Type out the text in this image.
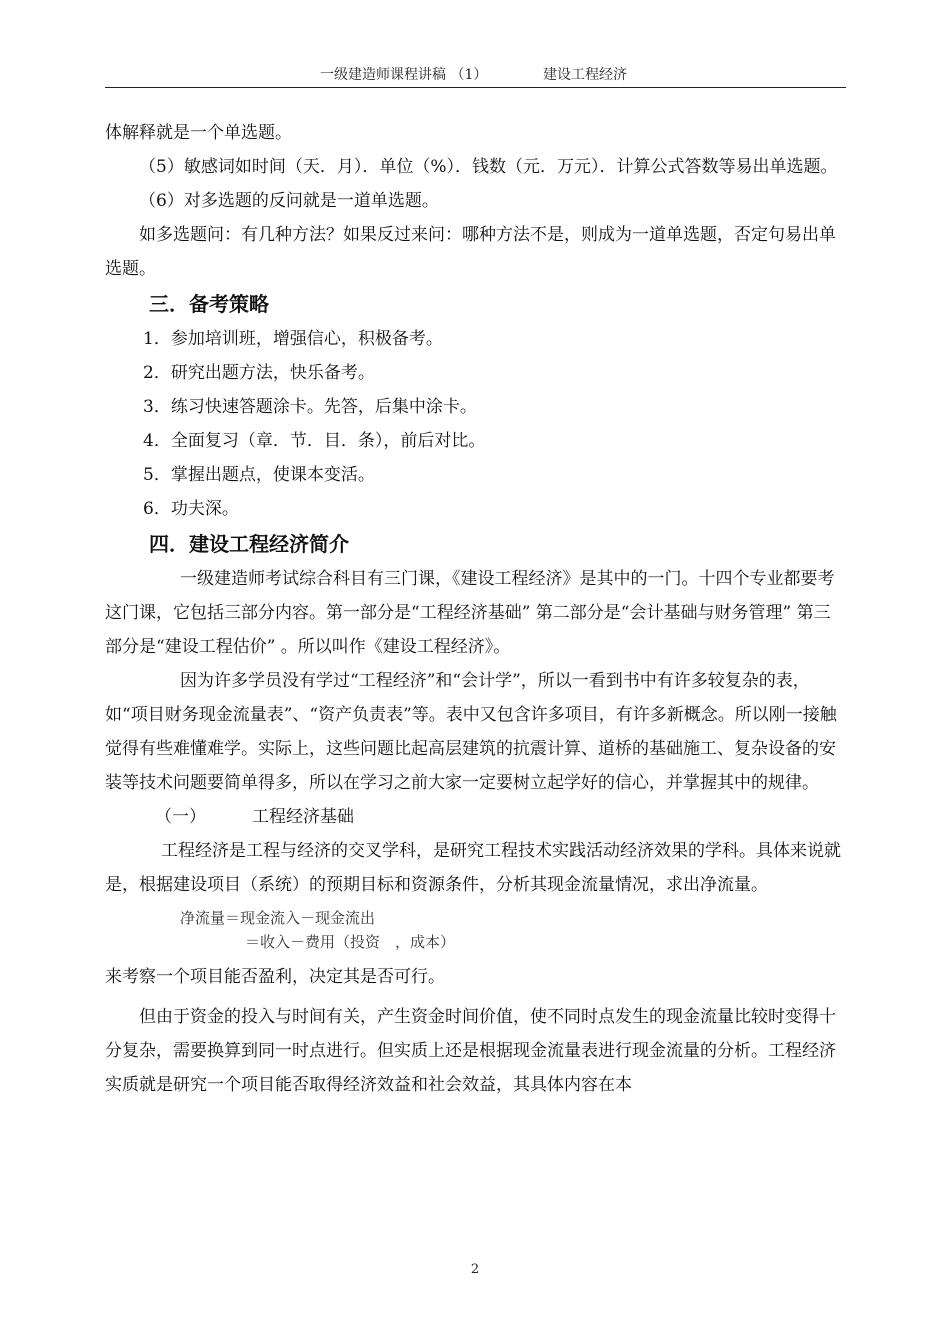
一级建造师课程讲稿 （1）	建设工程经济

体解释就是一个单选题。

（5）敏感词如时间（天．月）．单位（%）．钱数（元．万元）．计算公式答数等易出单选题。

（6）对多选题的反问就是一道单选题。

如多选题问：有几种方法？如果反过来问：哪种方法不是，则成为一道单选题，否定句易出单选题。

三．备考策略

1．参加培训班，增强信心，积极备考。

2．研究出题方法，快乐备考。

3．练习快速答题涂卡。先答，后集中涂卡。

4．全面复习（章．节．目．条），前后对比。

5．掌握出题点，使课本变活。

6．功夫深。

四．建设工程经济简介

一级建造师考试综合科目有三门课，《建设工程经济》是其中的一门。十四个专业都要考这门课，它包括三部分内容。第一部分是“工程经济基础” 第二部分是“会计基础与财务管理” 第三部分是“建设工程估价” 。所以叫作《建设工程经济》。

因为许多学员没有学过“工程经济”和“会计学”，所以一看到书中有许多较复杂的表，如“项目财务现金流量表”、“资产负责表”等。表中又包含许多项目，有许多新概念。所以刚一接触觉得有些难懂难学。实际上，这些问题比起高层建筑的抗震计算、道桥的基础施工、复杂设备的安装等技术问题要简单得多，所以在学习之前大家一定要树立起学好的信心，并掌握其中的规律。

（一）	工程经济基础

工程经济是工程与经济的交叉学科，是研究工程技术实践活动经济效果的学科。具体来说就是，根据建设项目（系统）的预期目标和资源条件，分析其现金流量情况，求出净流量。

净流量＝现金流入－现金流出
＝收入－费用（投资　，成本）

来考察一个项目能否盈利，决定其是否可行。

但由于资金的投入与时间有关，产生资金时间价值，使不同时点发生的现金流量比较时变得十分复杂，需要换算到同一时点进行。但实质上还是根据现金流量表进行现金流量的分析。工程经济实质就是研究一个项目能否取得经济效益和社会效益，其具体内容在本

2
